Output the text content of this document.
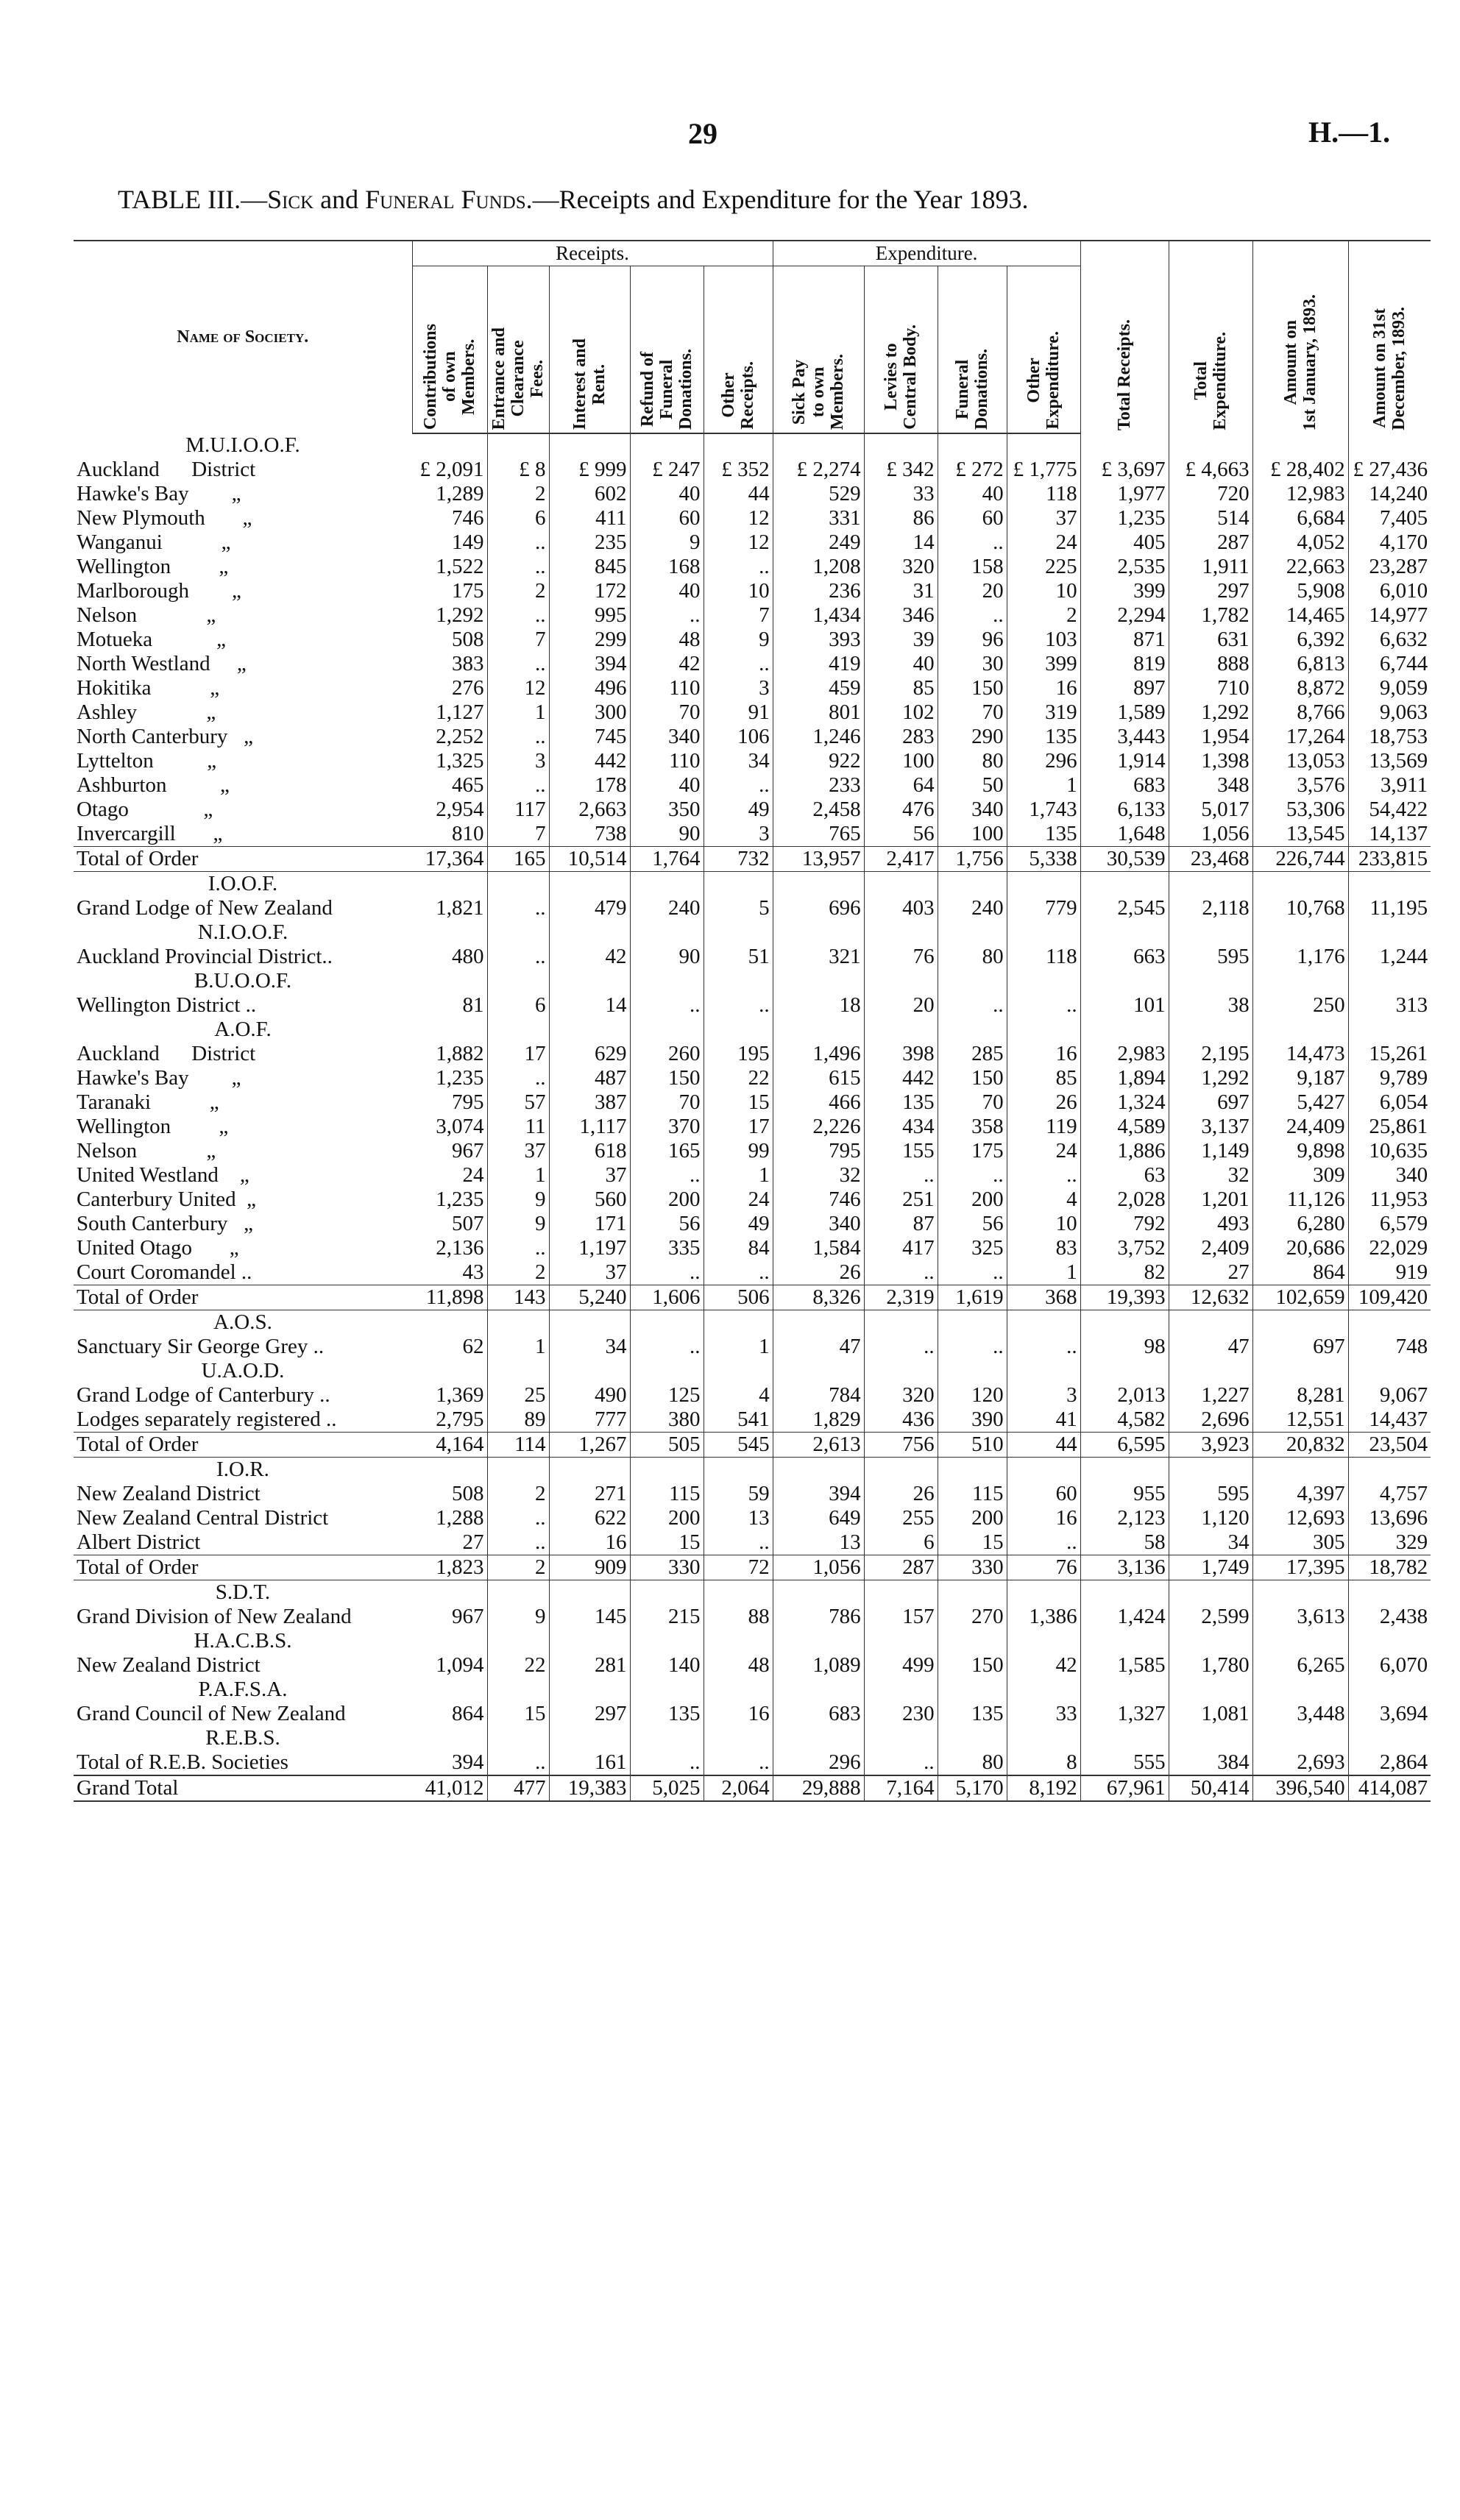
29	H.—1.
TABLE III.—Sick and Funeral Funds.—Receipts and Expenditure for the Year 1893.
Name of Society.	Receipts.					Expenditure.				Total Receipts.	Total
Expenditure.	Amount on
1st January, 1893.	Amount on 31st
December, 1893.

	Contributions
of own
Members.	Entrance and
Clearance
Fees.	Interest and
Rent.	Refund of
Funeral
Donations.	Other
Receipts.	Sick Pay
to own
Members.	Levies to
Central Body.	Funeral
Donations.	Other
Expenditure.				

M.U.I.O.O.F.													
Auckland      District	£ 2,091	£ 8	£ 999	£ 247	£ 352	£ 2,274	£ 342	£ 272	£ 1,775	£ 3,697	£ 4,663	£ 28,402	£ 27,436
Hawke's Bay        „	1,289	2	602	40	44	529	33	40	118	1,977	720	12,983	14,240
New Plymouth       „	746	6	411	60	12	331	86	60	37	1,235	514	6,684	7,405
Wanganui           „	149	..	235	9	12	249	14	..	24	405	287	4,052	4,170
Wellington         „	1,522	..	845	168	..	1,208	320	158	225	2,535	1,911	22,663	23,287
Marlborough        „	175	2	172	40	10	236	31	20	10	399	297	5,908	6,010
Nelson             „	1,292	..	995	..	7	1,434	346	..	2	2,294	1,782	14,465	14,977
Motueka            „	508	7	299	48	9	393	39	96	103	871	631	6,392	6,632
North Westland     „	383	..	394	42	..	419	40	30	399	819	888	6,813	6,744
Hokitika           „	276	12	496	110	3	459	85	150	16	897	710	8,872	9,059
Ashley             „	1,127	1	300	70	91	801	102	70	319	1,589	1,292	8,766	9,063
North Canterbury   „	2,252	..	745	340	106	1,246	283	290	135	3,443	1,954	17,264	18,753
Lyttelton          „	1,325	3	442	110	34	922	100	80	296	1,914	1,398	13,053	13,569
Ashburton          „	465	..	178	40	..	233	64	50	1	683	348	3,576	3,911
Otago              „	2,954	117	2,663	350	49	2,458	476	340	1,743	6,133	5,017	53,306	54,422
Invercargill       „	810	7	738	90	3	765	56	100	135	1,648	1,056	13,545	14,137
Total of Order	17,364	165	10,514	1,764	732	13,957	2,417	1,756	5,338	30,539	23,468	226,744	233,815
I.O.O.F.													
Grand Lodge of New Zealand	1,821	..	479	240	5	696	403	240	779	2,545	2,118	10,768	11,195
N.I.O.O.F.													
Auckland Provincial District..	480	..	42	90	51	321	76	80	118	663	595	1,176	1,244
B.U.O.O.F.													
Wellington District ..	81	6	14	..	..	18	20	..	..	101	38	250	313
A.O.F.													
Auckland      District	1,882	17	629	260	195	1,496	398	285	16	2,983	2,195	14,473	15,261
Hawke's Bay        „	1,235	..	487	150	22	615	442	150	85	1,894	1,292	9,187	9,789
Taranaki           „	795	57	387	70	15	466	135	70	26	1,324	697	5,427	6,054
Wellington         „	3,074	11	1,117	370	17	2,226	434	358	119	4,589	3,137	24,409	25,861
Nelson             „	967	37	618	165	99	795	155	175	24	1,886	1,149	9,898	10,635
United Westland    „	24	1	37	..	1	32	..	..	..	63	32	309	340
Canterbury United  „	1,235	9	560	200	24	746	251	200	4	2,028	1,201	11,126	11,953
South Canterbury   „	507	9	171	56	49	340	87	56	10	792	493	6,280	6,579
United Otago       „	2,136	..	1,197	335	84	1,584	417	325	83	3,752	2,409	20,686	22,029
Court Coromandel ..	43	2	37	..	..	26	..	..	1	82	27	864	919
Total of Order	11,898	143	5,240	1,606	506	8,326	2,319	1,619	368	19,393	12,632	102,659	109,420
A.O.S.													
Sanctuary Sir George Grey ..	62	1	34	..	1	47	..	..	..	98	47	697	748
U.A.O.D.													
Grand Lodge of Canterbury ..	1,369	25	490	125	4	784	320	120	3	2,013	1,227	8,281	9,067
Lodges separately registered ..	2,795	89	777	380	541	1,829	436	390	41	4,582	2,696	12,551	14,437
Total of Order	4,164	114	1,267	505	545	2,613	756	510	44	6,595	3,923	20,832	23,504
I.O.R.													
New Zealand District	508	2	271	115	59	394	26	115	60	955	595	4,397	4,757
New Zealand Central District	1,288	..	622	200	13	649	255	200	16	2,123	1,120	12,693	13,696
Albert District	27	..	16	15	..	13	6	15	..	58	34	305	329
Total of Order	1,823	2	909	330	72	1,056	287	330	76	3,136	1,749	17,395	18,782
S.D.T.													
Grand Division of New Zealand	967	9	145	215	88	786	157	270	1,386	1,424	2,599	3,613	2,438
H.A.C.B.S.													
New Zealand District	1,094	22	281	140	48	1,089	499	150	42	1,585	1,780	6,265	6,070
P.A.F.S.A.													
Grand Council of New Zealand	864	15	297	135	16	683	230	135	33	1,327	1,081	3,448	3,694
R.E.B.S.													
Total of R.E.B. Societies	394	..	161	..	..	296	..	80	8	555	384	2,693	2,864
Grand Total	41,012	477	19,383	5,025	2,064	29,888	7,164	5,170	8,192	67,961	50,414	396,540	414,087
